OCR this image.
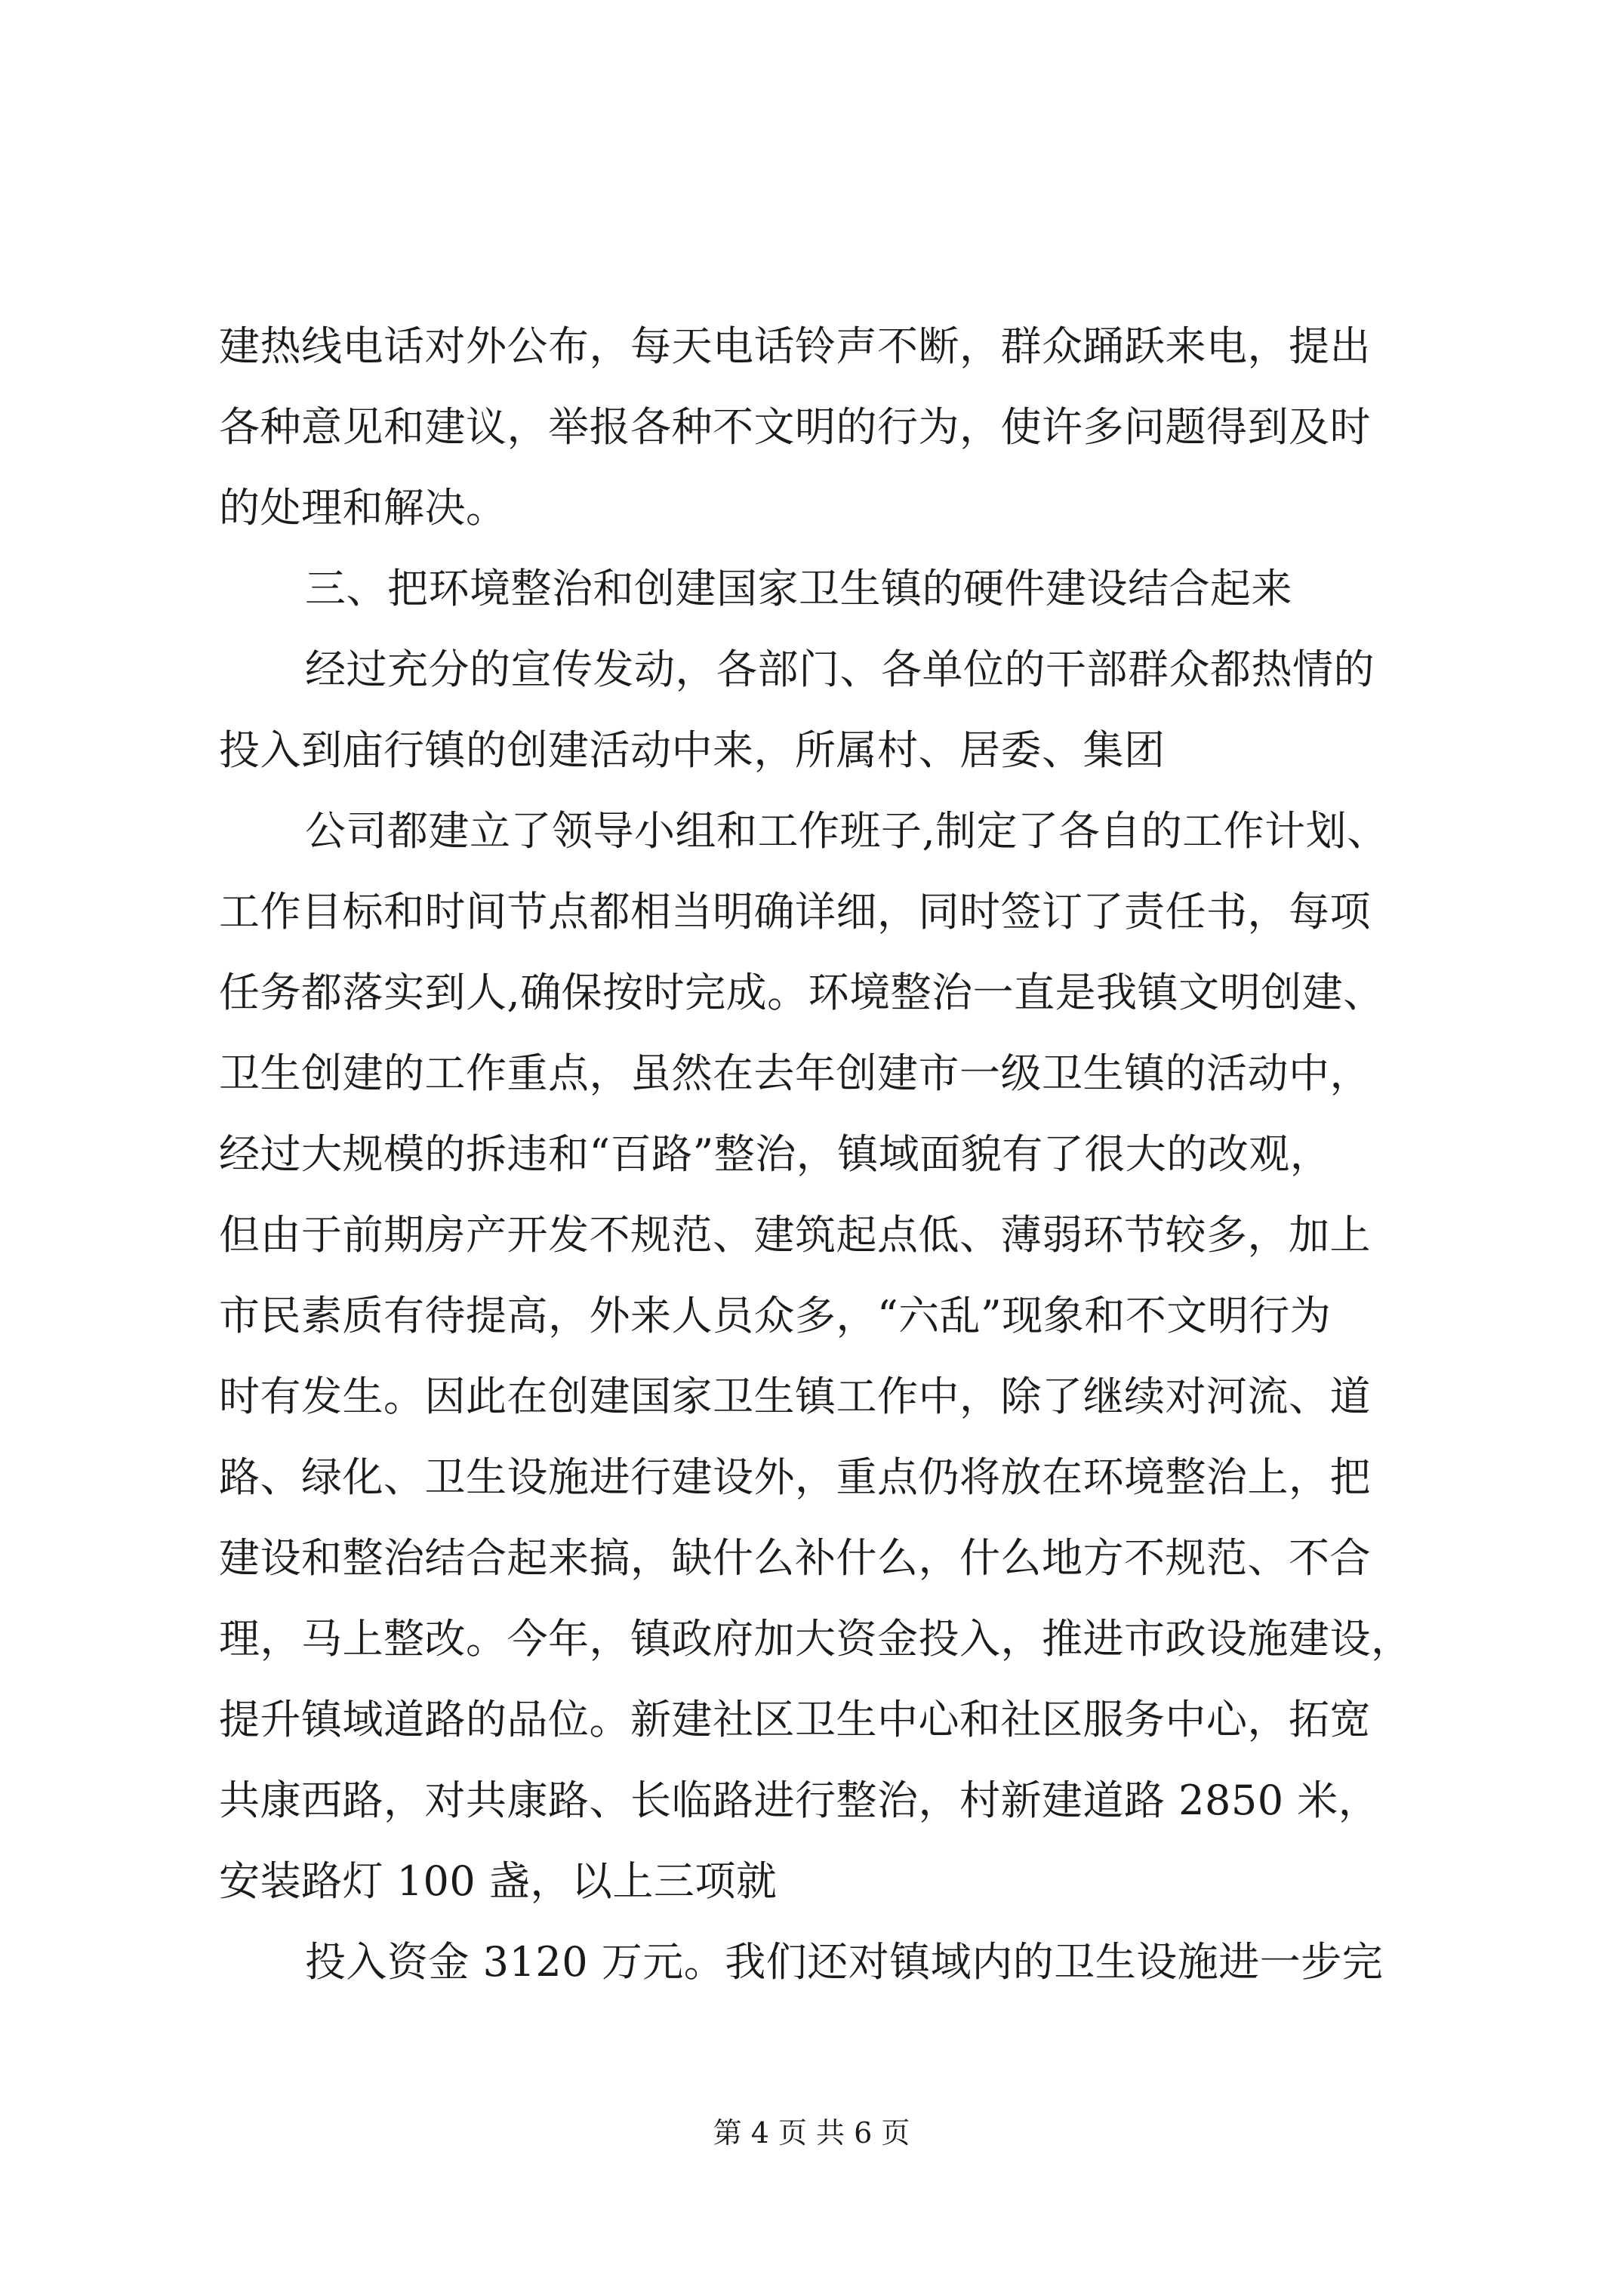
建热线电话对外公布，每天电话铃声不断，群众踊跃来电，提出
各种意见和建议，举报各种不文明的行为，使许多问题得到及时
的处理和解决。
三、把环境整治和创建国家卫生镇的硬件建设结合起来
经过充分的宣传发动，各部门、各单位的干部群众都热情的
投入到庙行镇的创建活动中来，所属村、居委、集团
公司都建立了领导小组和工作班子,制定了各自的工作计划、
工作目标和时间节点都相当明确详细，同时签订了责任书，每项
任务都落实到人,确保按时完成。环境整治一直是我镇文明创建、
卫生创建的工作重点，虽然在去年创建市一级卫生镇的活动中，
经过大规模的拆违和“百路”整治，镇域面貌有了很大的改观，
但由于前期房产开发不规范、建筑起点低、薄弱环节较多，加上
市民素质有待提高，外来人员众多，“六乱”现象和不文明行为
时有发生。因此在创建国家卫生镇工作中，除了继续对河流、道
路、绿化、卫生设施进行建设外，重点仍将放在环境整治上，把
建设和整治结合起来搞，缺什么补什么，什么地方不规范、不合
理，马上整改。今年，镇政府加大资金投入，推进市政设施建设，
提升镇域道路的品位。新建社区卫生中心和社区服务中心，拓宽
共康西路，对共康路、长临路进行整治，村新建道路 2850 米，
安装路灯 100 盏，以上三项就
投入资金 3120 万元。我们还对镇域内的卫生设施进一步完
第 4 页 共 6 页
